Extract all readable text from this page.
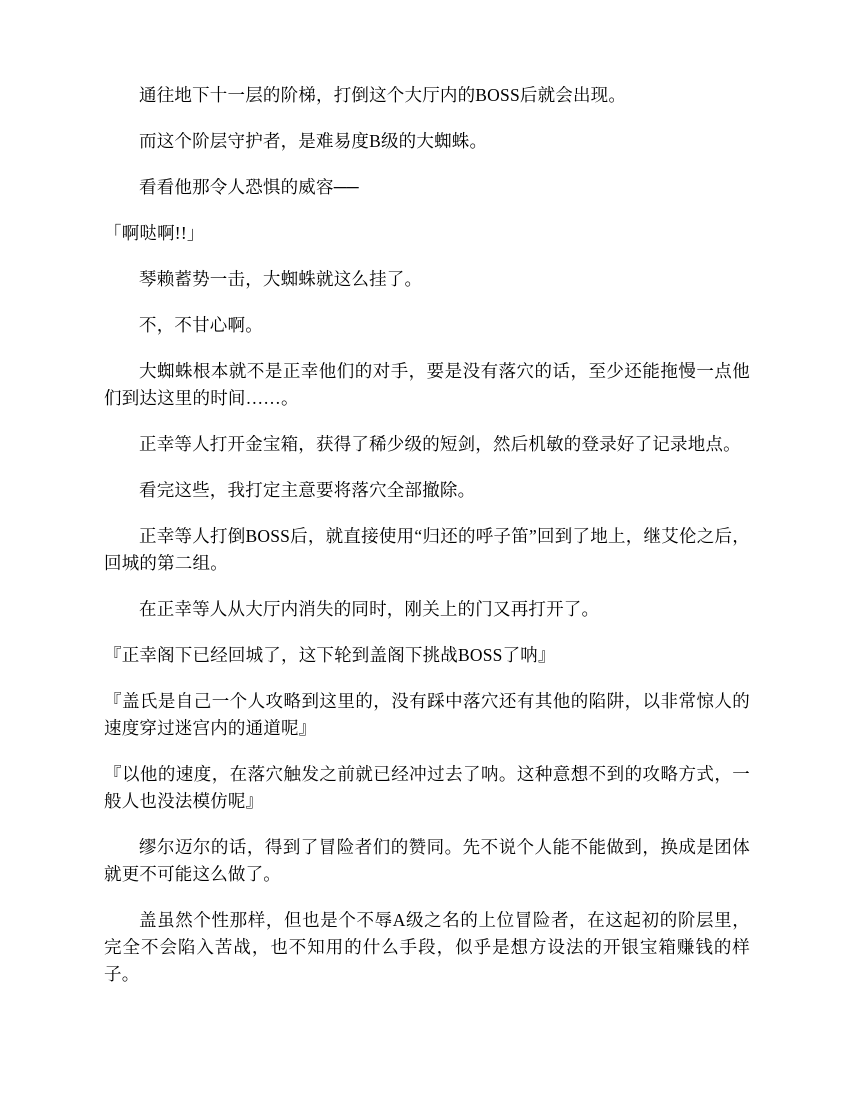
通往地下十一层的阶梯，打倒这个大厅内的BOSS后就会出现。

而这个阶层守护者，是难易度B级的大蜘蛛。

看看他那令人恐惧的威容──

「啊哒啊!!」

琴赖蓄势一击，大蜘蛛就这么挂了。

不，不甘心啊。

大蜘蛛根本就不是正幸他们的对手，要是没有落穴的话，至少还能拖慢一点他们到达这里的时间……。

正幸等人打开金宝箱，获得了稀少级的短剑，然后机敏的登录好了记录地点。

看完这些，我打定主意要将落穴全部撤除。

正幸等人打倒BOSS后，就直接使用“归还的呼子笛”回到了地上，继艾伦之后，回城的第二组。

在正幸等人从大厅内消失的同时，刚关上的门又再打开了。

『正幸阁下已经回城了，这下轮到盖阁下挑战BOSS了呐』

『盖氏是自己一个人攻略到这里的，没有踩中落穴还有其他的陷阱，以非常惊人的速度穿过迷宫内的通道呢』

『以他的速度，在落穴触发之前就已经冲过去了呐。这种意想不到的攻略方式，一般人也没法模仿呢』

缪尔迈尔的话，得到了冒险者们的赞同。先不说个人能不能做到，换成是团体就更不可能这么做了。

盖虽然个性那样，但也是个不辱A级之名的上位冒险者，在这起初的阶层里，完全不会陷入苦战，也不知用的什么手段，似乎是想方设法的开银宝箱赚钱的样子。
